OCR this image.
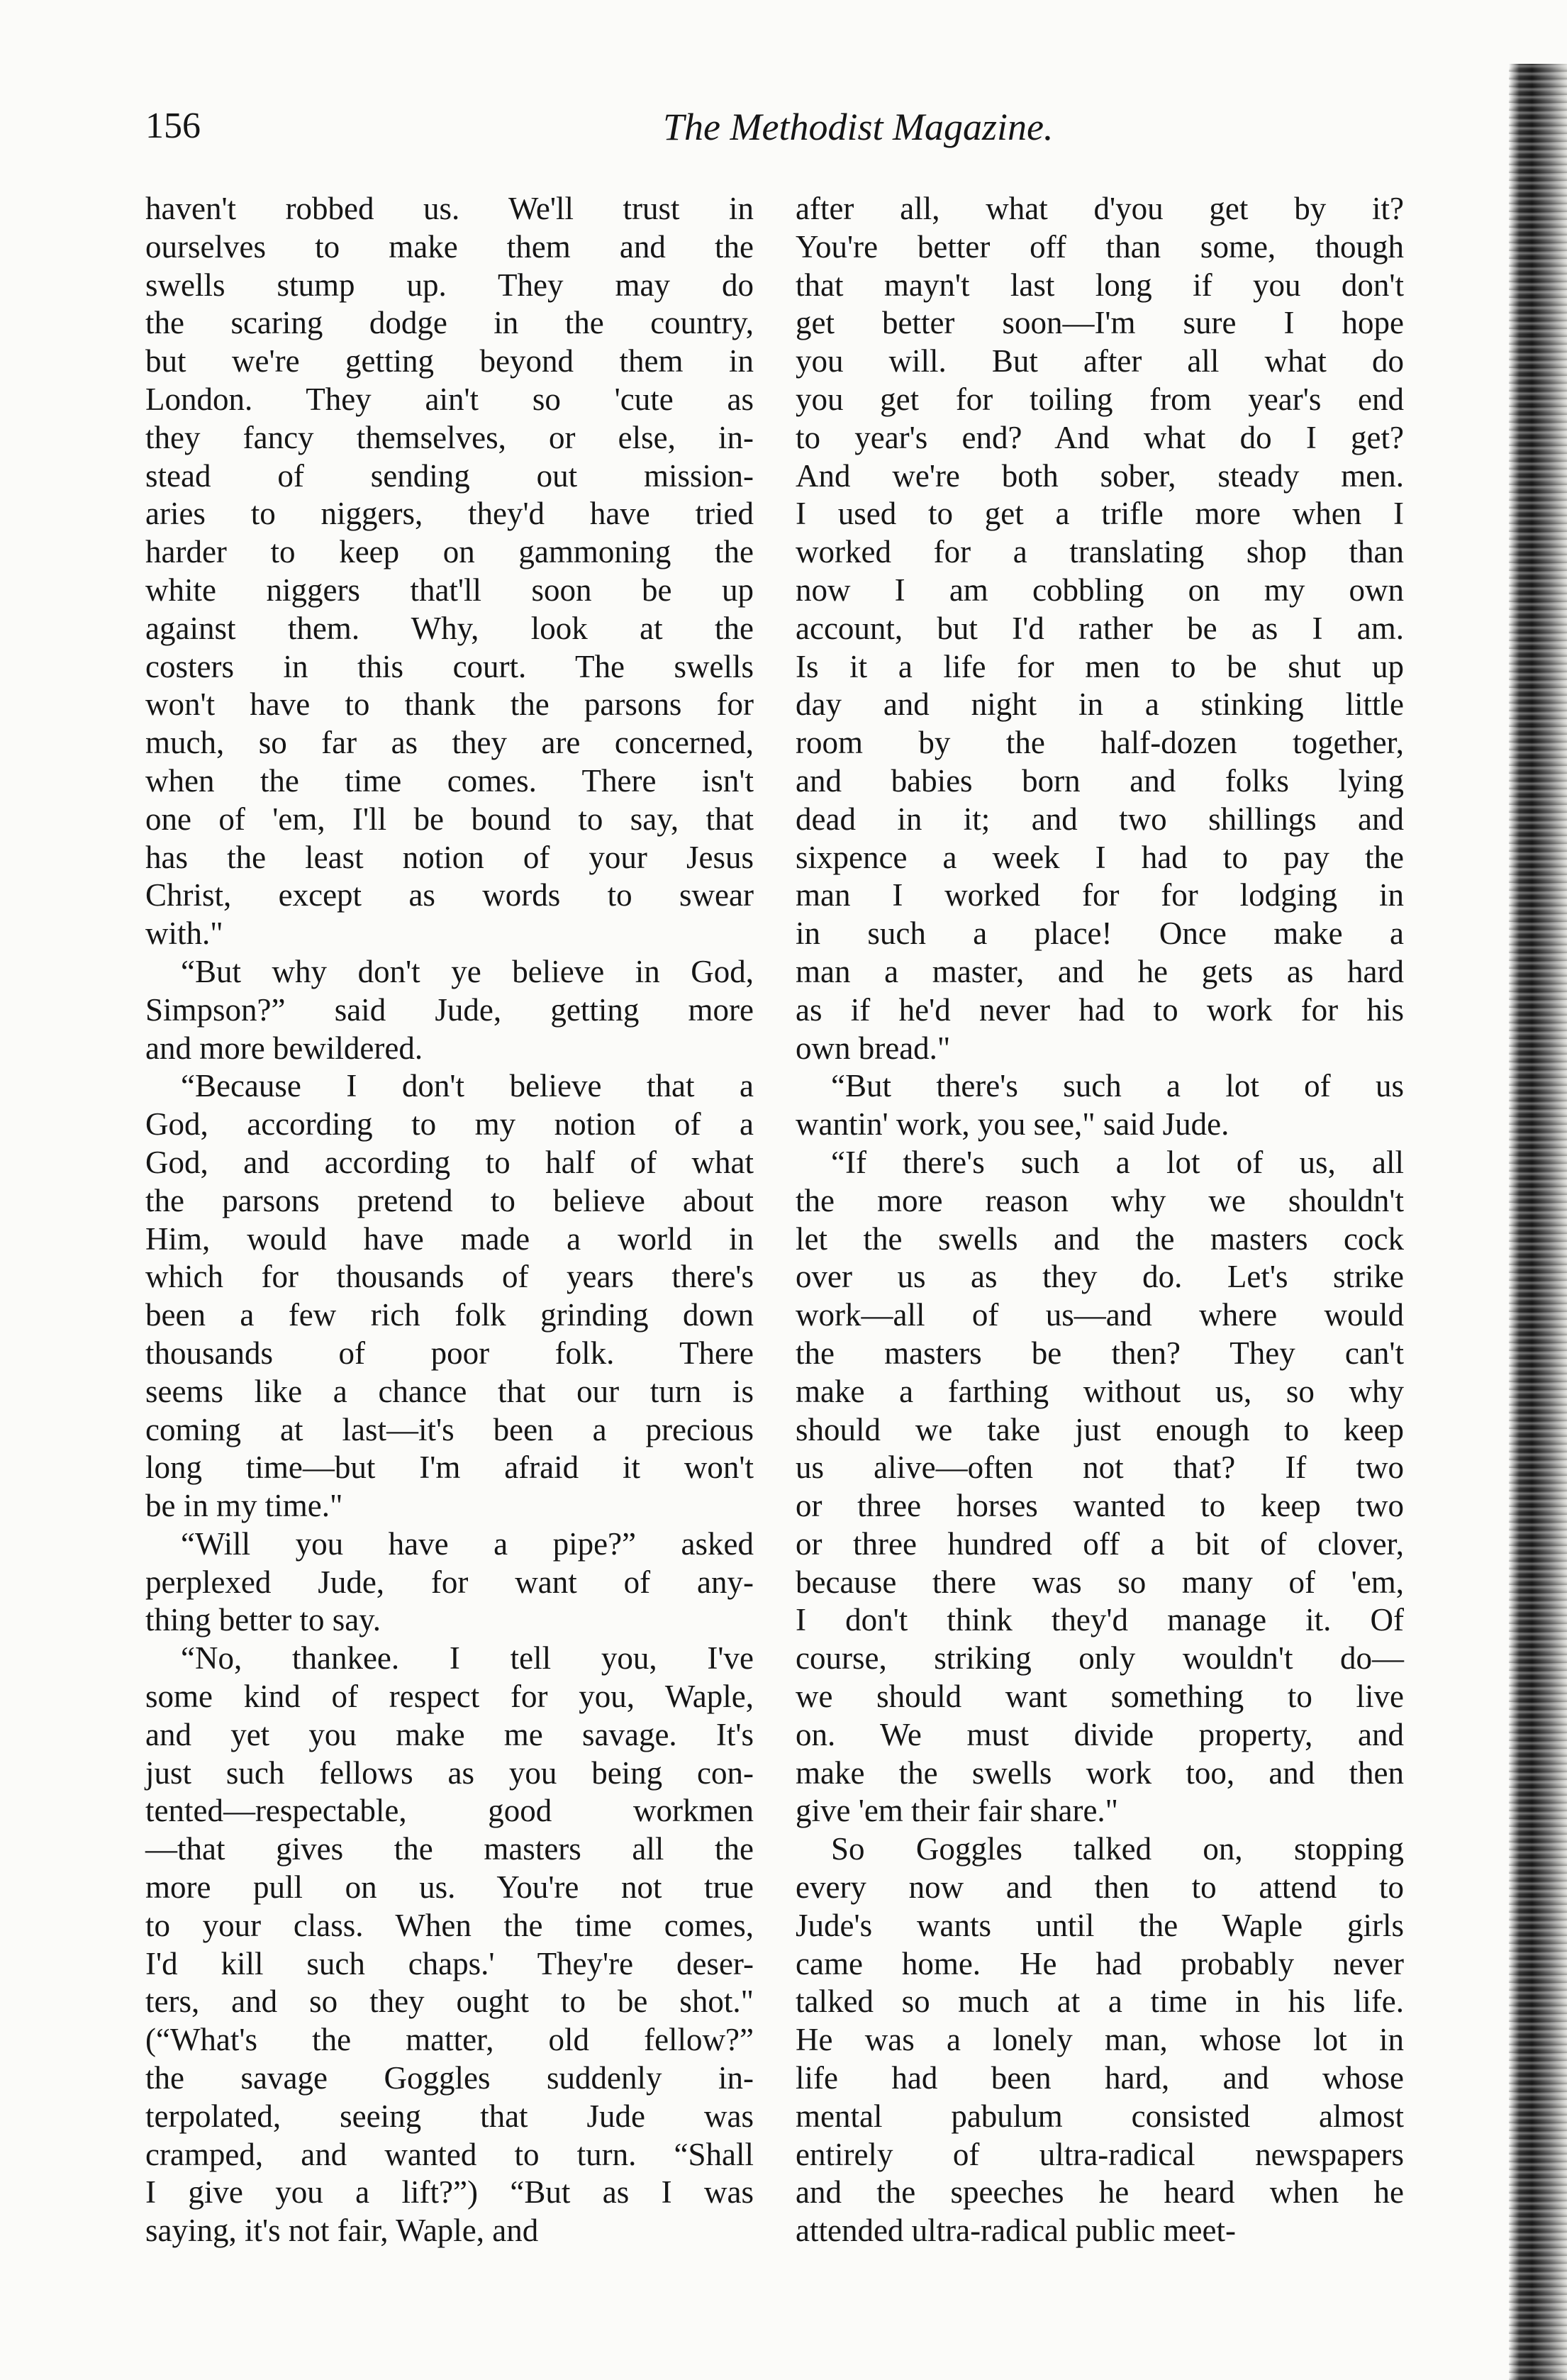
156	The Methodist Magazine.
haven't robbed us. We'll trust in
ourselves to make them and the
swells stump up. They may do
the scaring dodge in the country,
but we're getting beyond them in
London. They ain't so 'cute as
they fancy themselves, or else, in-
stead of sending out mission-
aries to niggers, they'd have tried
harder to keep on gammoning the
white niggers that'll soon be up
against them. Why, look at the
costers in this court. The swells
won't have to thank the parsons for
much, so far as they are concerned,
when the time comes. There isn't
one of 'em, I'll be bound to say, that
has the least notion of your Jesus
Christ, except as words to swear
with."
“But why don't ye believe in God,
Simpson?” said Jude, getting more
and more bewildered.
“Because I don't believe that a
God, according to my notion of a
God, and according to half of what
the parsons pretend to believe about
Him, would have made a world in
which for thousands of years there's
been a few rich folk grinding down
thousands of poor folk. There
seems like a chance that our turn is
coming at last—it's been a precious
long time—but I'm afraid it won't
be in my time."
“Will you have a pipe?” asked
perplexed Jude, for want of any-
thing better to say.
“No, thankee. I tell you, I've
some kind of respect for you, Waple,
and yet you make me savage. It's
just such fellows as you being con-
tented—respectable, good workmen
—that gives the masters all the
more pull on us. You're not true
to your class. When the time comes,
I'd kill such chaps.' They're deser-
ters, and so they ought to be shot."
(“What's the matter, old fellow?”
the savage Goggles suddenly in-
terpolated, seeing that Jude was
cramped, and wanted to turn. “Shall
I give you a lift?”) “But as I was
saying, it's not fair, Waple, and
after all, what d'you get by it?
You're better off than some, though
that mayn't last long if you don't
get better soon—I'm sure I hope
you will. But after all what do
you get for toiling from year's end
to year's end? And what do I get?
And we're both sober, steady men.
I used to get a trifle more when I
worked for a translating shop than
now I am cobbling on my own
account, but I'd rather be as I am.
Is it a life for men to be shut up
day and night in a stinking little
room by the half-dozen together,
and babies born and folks lying
dead in it; and two shillings and
sixpence a week I had to pay the
man I worked for for lodging in
in such a place! Once make a
man a master, and he gets as hard
as if he'd never had to work for his
own bread."
“But there's such a lot of us
wantin' work, you see," said Jude.
“If there's such a lot of us, all
the more reason why we shouldn't
let the swells and the masters cock
over us as they do. Let's strike
work—all of us—and where would
the masters be then? They can't
make a farthing without us, so why
should we take just enough to keep
us alive—often not that? If two
or three horses wanted to keep two
or three hundred off a bit of clover,
because there was so many of 'em,
I don't think they'd manage it. Of
course, striking only wouldn't do—
we should want something to live
on. We must divide property, and
make the swells work too, and then
give 'em their fair share."
So Goggles talked on, stopping
every now and then to attend to
Jude's wants until the Waple girls
came home. He had probably never
talked so much at a time in his life.
He was a lonely man, whose lot in
life had been hard, and whose
mental pabulum consisted almost
entirely of ultra-radical newspapers
and the speeches he heard when he
attended ultra-radical public meet-
